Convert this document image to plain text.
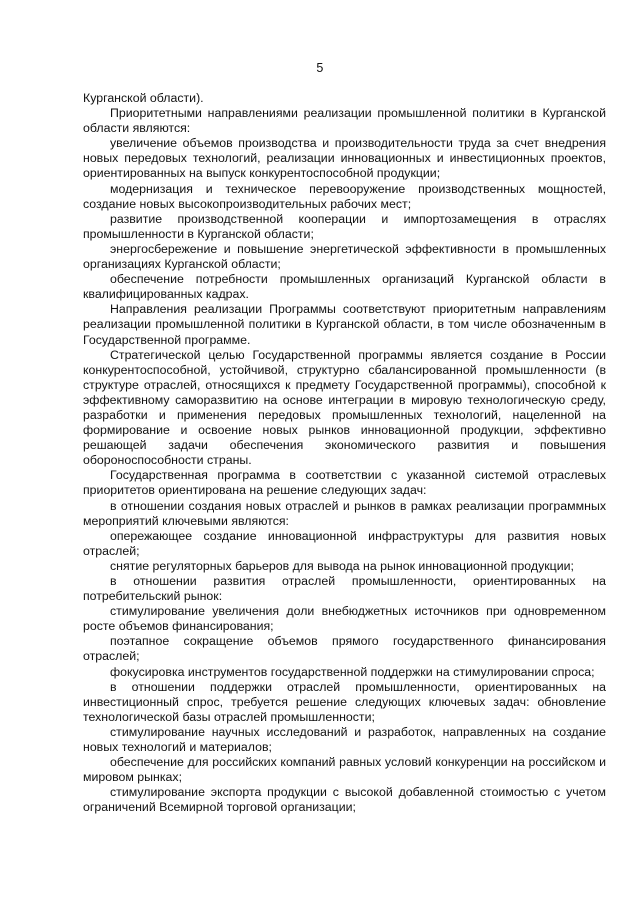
5

Курганской области).

Приоритетными направлениями реализации промышленной политики в Курганской области являются:

увеличение объемов производства и производительности труда за счет внедрения новых передовых технологий, реализации инновационных и инвестиционных проектов, ориентированных на выпуск конкурентоспособной продукции;

модернизация и техническое перевооружение производственных мощностей, создание новых высокопроизводительных рабочих мест;

развитие производственной кооперации и импортозамещения в отраслях промышленности в Курганской области;

энергосбережение и повышение энергетической эффективности в промышленных организациях Курганской области;

обеспечение потребности промышленных организаций Курганской области в квалифицированных кадрах.

Направления реализации Программы соответствуют приоритетным направлениям реализации промышленной политики в Курганской области, в том числе обозначенным в Государственной программе.

Стратегической целью Государственной программы является создание в России конкурентоспособной, устойчивой, структурно сбалансированной промышленности (в структуре отраслей, относящихся к предмету Государственной программы), способной к эффективному саморазвитию на основе интеграции в мировую технологическую среду, разработки и применения передовых промышленных технологий, нацеленной на формирование и освоение новых рынков инновационной продукции, эффективно решающей задачи обеспечения экономического развития и повышения обороноспособности страны.

Государственная программа в соответствии с указанной системой отраслевых приоритетов ориентирована на решение следующих задач:

в отношении создания новых отраслей и рынков в рамках реализации программных мероприятий ключевыми являются:

опережающее создание инновационной инфраструктуры для развития новых отраслей;

снятие регуляторных барьеров для вывода на рынок инновационной продукции;

в отношении развития отраслей промышленности, ориентированных на потребительский рынок:

стимулирование увеличения доли внебюджетных источников при одновременном росте объемов финансирования;

поэтапное сокращение объемов прямого государственного финансирования отраслей;

фокусировка инструментов государственной поддержки на стимулировании спроса;

в отношении поддержки отраслей промышленности, ориентированных на инвестиционный спрос, требуется решение следующих ключевых задач: обновление технологической базы отраслей промышленности;

стимулирование научных исследований и разработок, направленных на создание новых технологий и материалов;

обеспечение для российских компаний равных условий конкуренции на российском и мировом рынках;

стимулирование экспорта продукции с высокой добавленной стоимостью с учетом ограничений Всемирной торговой организации;
